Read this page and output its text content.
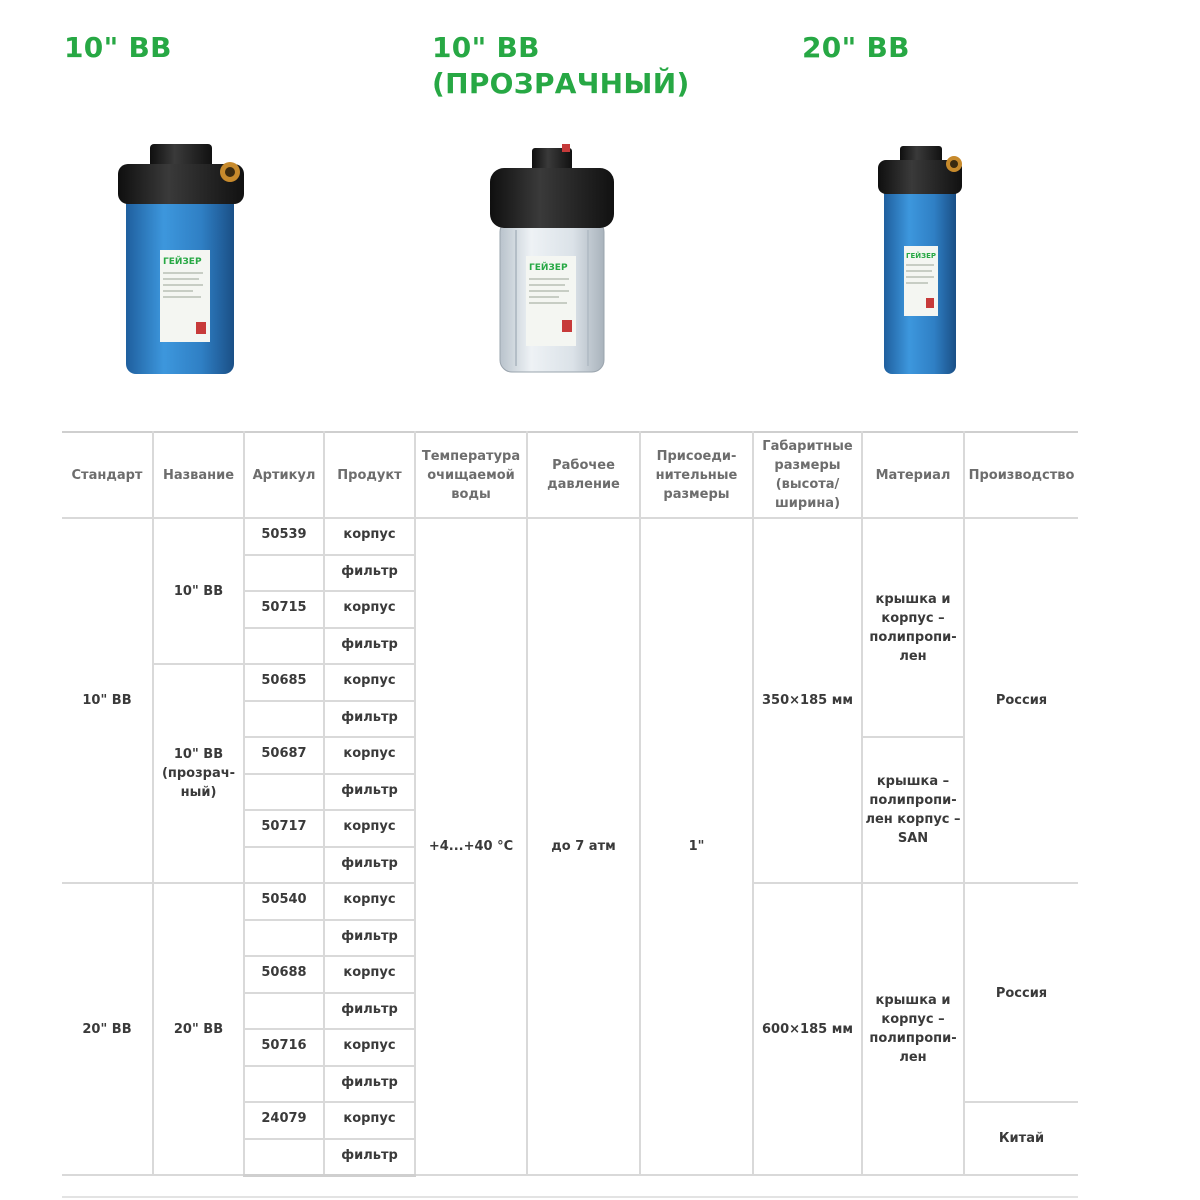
10" BB	10" BB
(ПРОЗРАЧНЫЙ)
20" BB
ГЕЙЗЕР
ГЕЙЗЕР
ГЕЙЗЕР
Стандарт	Название	Артикул	Продукт	Температура очищаемой воды	Рабочее давление	Присоеди-нительные размеры	Габаритные размеры (высота/ширина)	Материал	Производство
10" BB	10" BB	50539	корпус	+4...+40 °C	до 7 атм	1"	350×185 мм	крышка и корпус – полипропи-лен	Россия
			фильтр						
		50715	корпус						
			фильтр						
	10" BB (прозрач-ный)	50685	корпус						
			фильтр						
		50687	корпус					крышка – полипропи-лен корпус – SAN	
			фильтр						
		50717	корпус						
			фильтр						
20" BB	20" BB	50540	корпус				600×185 мм	крышка и корпус – полипропи-лен	Россия
			фильтр						
		50688	корпус						
			фильтр						
		50716	корпус						
			фильтр						
		24079	корпус						Китай
			фильтр						
